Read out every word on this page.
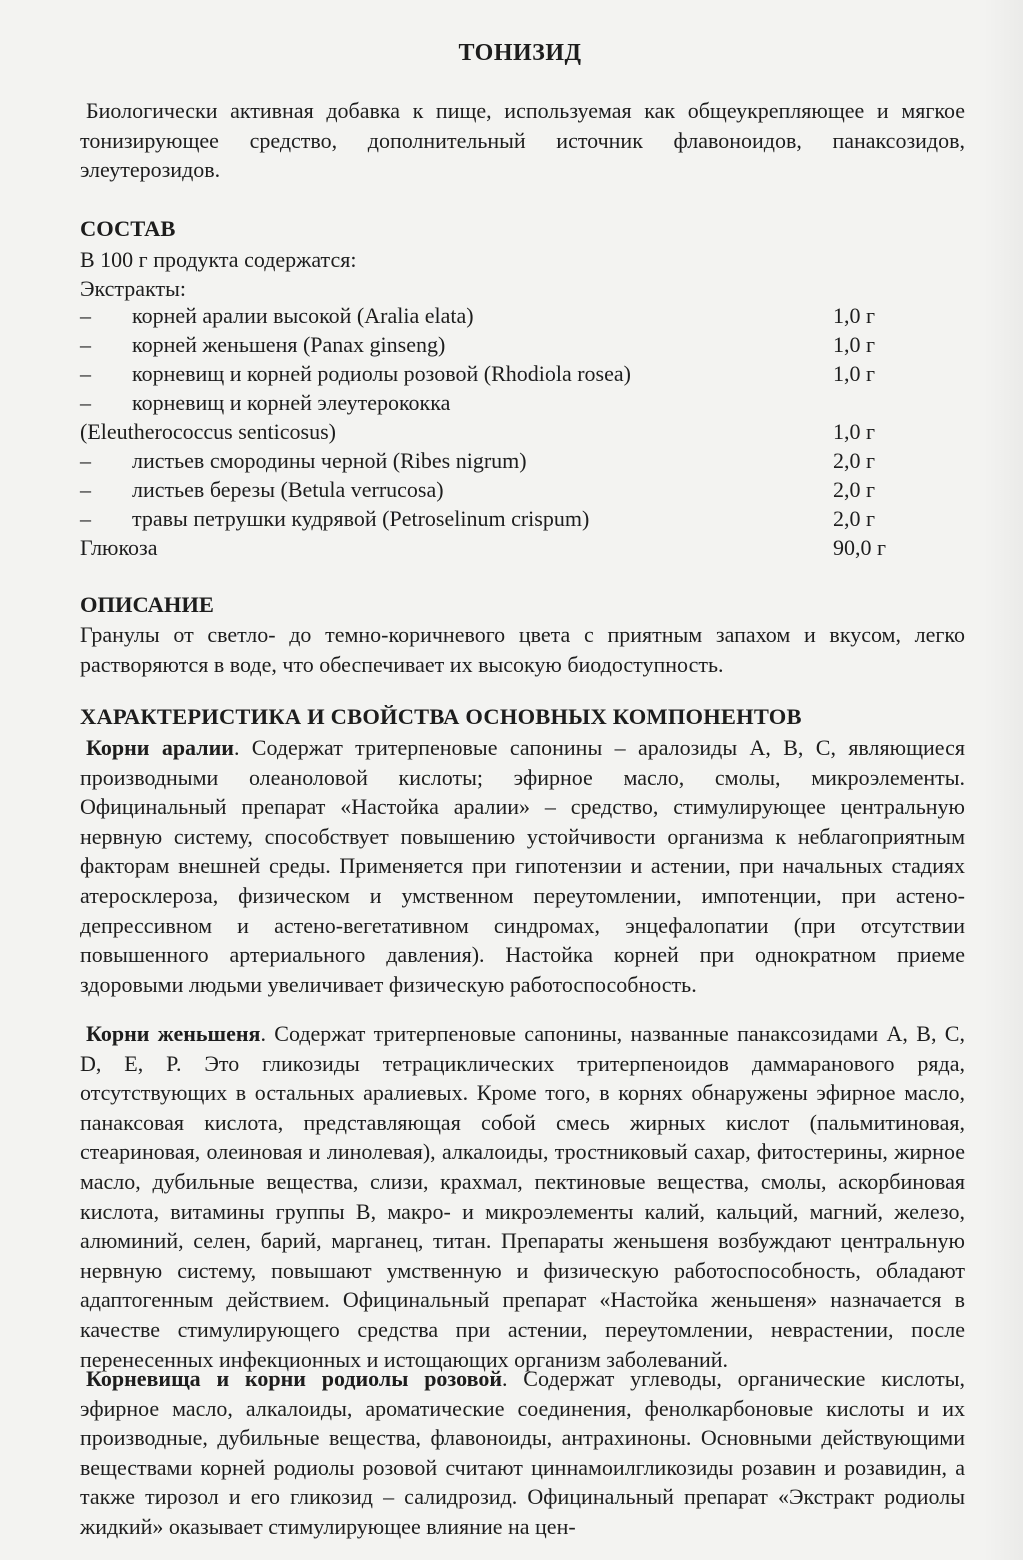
ТОНИЗИД
Биологически активная добавка к пище, используемая как общеукрепляющее и мягкое тонизирующее средство, дополнительный источник флавоноидов, панаксозидов, элеутерозидов.
СОСТАВ
В 100 г продукта содержатся:
Экстракты:
– корней аралии высокой (Aralia elata)	1,0 г
– корней женьшеня (Panax ginseng)	1,0 г
– корневищ и корней родиолы розовой (Rhodiola rosea)	1,0 г
– корневищ и корней элеутерококка
(Eleutherococcus senticosus)	1,0 г
– листьев смородины черной (Ribes nigrum)	2,0 г
– листьев березы (Betula verrucosa)	2,0 г
– травы петрушки кудрявой (Petroselinum crispum)	2,0 г
Глюкоза	90,0 г
ОПИСАНИЕ
Гранулы от светло- до темно-коричневого цвета с приятным запахом и вкусом, легко растворяются в воде, что обеспечивает их высокую биодоступность.
ХАРАКТЕРИСТИКА И СВОЙСТВА ОСНОВНЫХ КОМПОНЕНТОВ
Корни аралии. Содержат тритерпеновые сапонины – аралозиды А, В, С, являющиеся производными олеаноловой кислоты; эфирное масло, смолы, микроэлементы. Официнальный препарат «Настойка аралии» – средство, стимулирующее центральную нервную систему, способствует повышению устойчивости организма к неблагоприятным факторам внешней среды. Применяется при гипотензии и астении, при начальных стадиях атеросклероза, физическом и умственном переутомлении, импотенции, при астено-депрессивном и астено-вегетативном синдромах, энцефалопатии (при отсутствии повышенного артериального давления). Настойка корней при однократном приеме здоровыми людьми увеличивает физическую работоспособность.
Корни женьшеня. Содержат тритерпеновые сапонины, названные панаксозидами A, B, C, D, E, P. Это гликозиды тетрациклических тритерпеноидов даммаранового ряда, отсутствующих в остальных аралиевых. Кроме того, в корнях обнаружены эфирное масло, панаксовая кислота, представляющая собой смесь жирных кислот (пальмитиновая, стеариновая, олеиновая и линолевая), алкалоиды, тростниковый сахар, фитостерины, жирное масло, дубильные вещества, слизи, крахмал, пектиновые вещества, смолы, аскорбиновая кислота, витамины группы В, макро- и микроэлементы калий, кальций, магний, железо, алюминий, селен, барий, марганец, титан. Препараты женьшеня возбуждают центральную нервную систему, повышают умственную и физическую работоспособность, обладают адаптогенным действием. Официнальный препарат «Настойка женьшеня» назначается в качестве стимулирующего средства при астении, переутомлении, неврастении, после перенесенных инфекционных и истощающих организм заболеваний.
Корневища и корни родиолы розовой. Содержат углеводы, органические кислоты, эфирное масло, алкалоиды, ароматические соединения, фенолкарбоновые кислоты и их производные, дубильные вещества, флавоноиды, антрахиноны. Основными действующими веществами корней родиолы розовой считают циннамоилгликозиды розавин и розавидин, а также тирозол и его гликозид – салидрозид. Официнальный препарат «Экстракт родиолы жидкий» оказывает стимулирующее влияние на цен-
